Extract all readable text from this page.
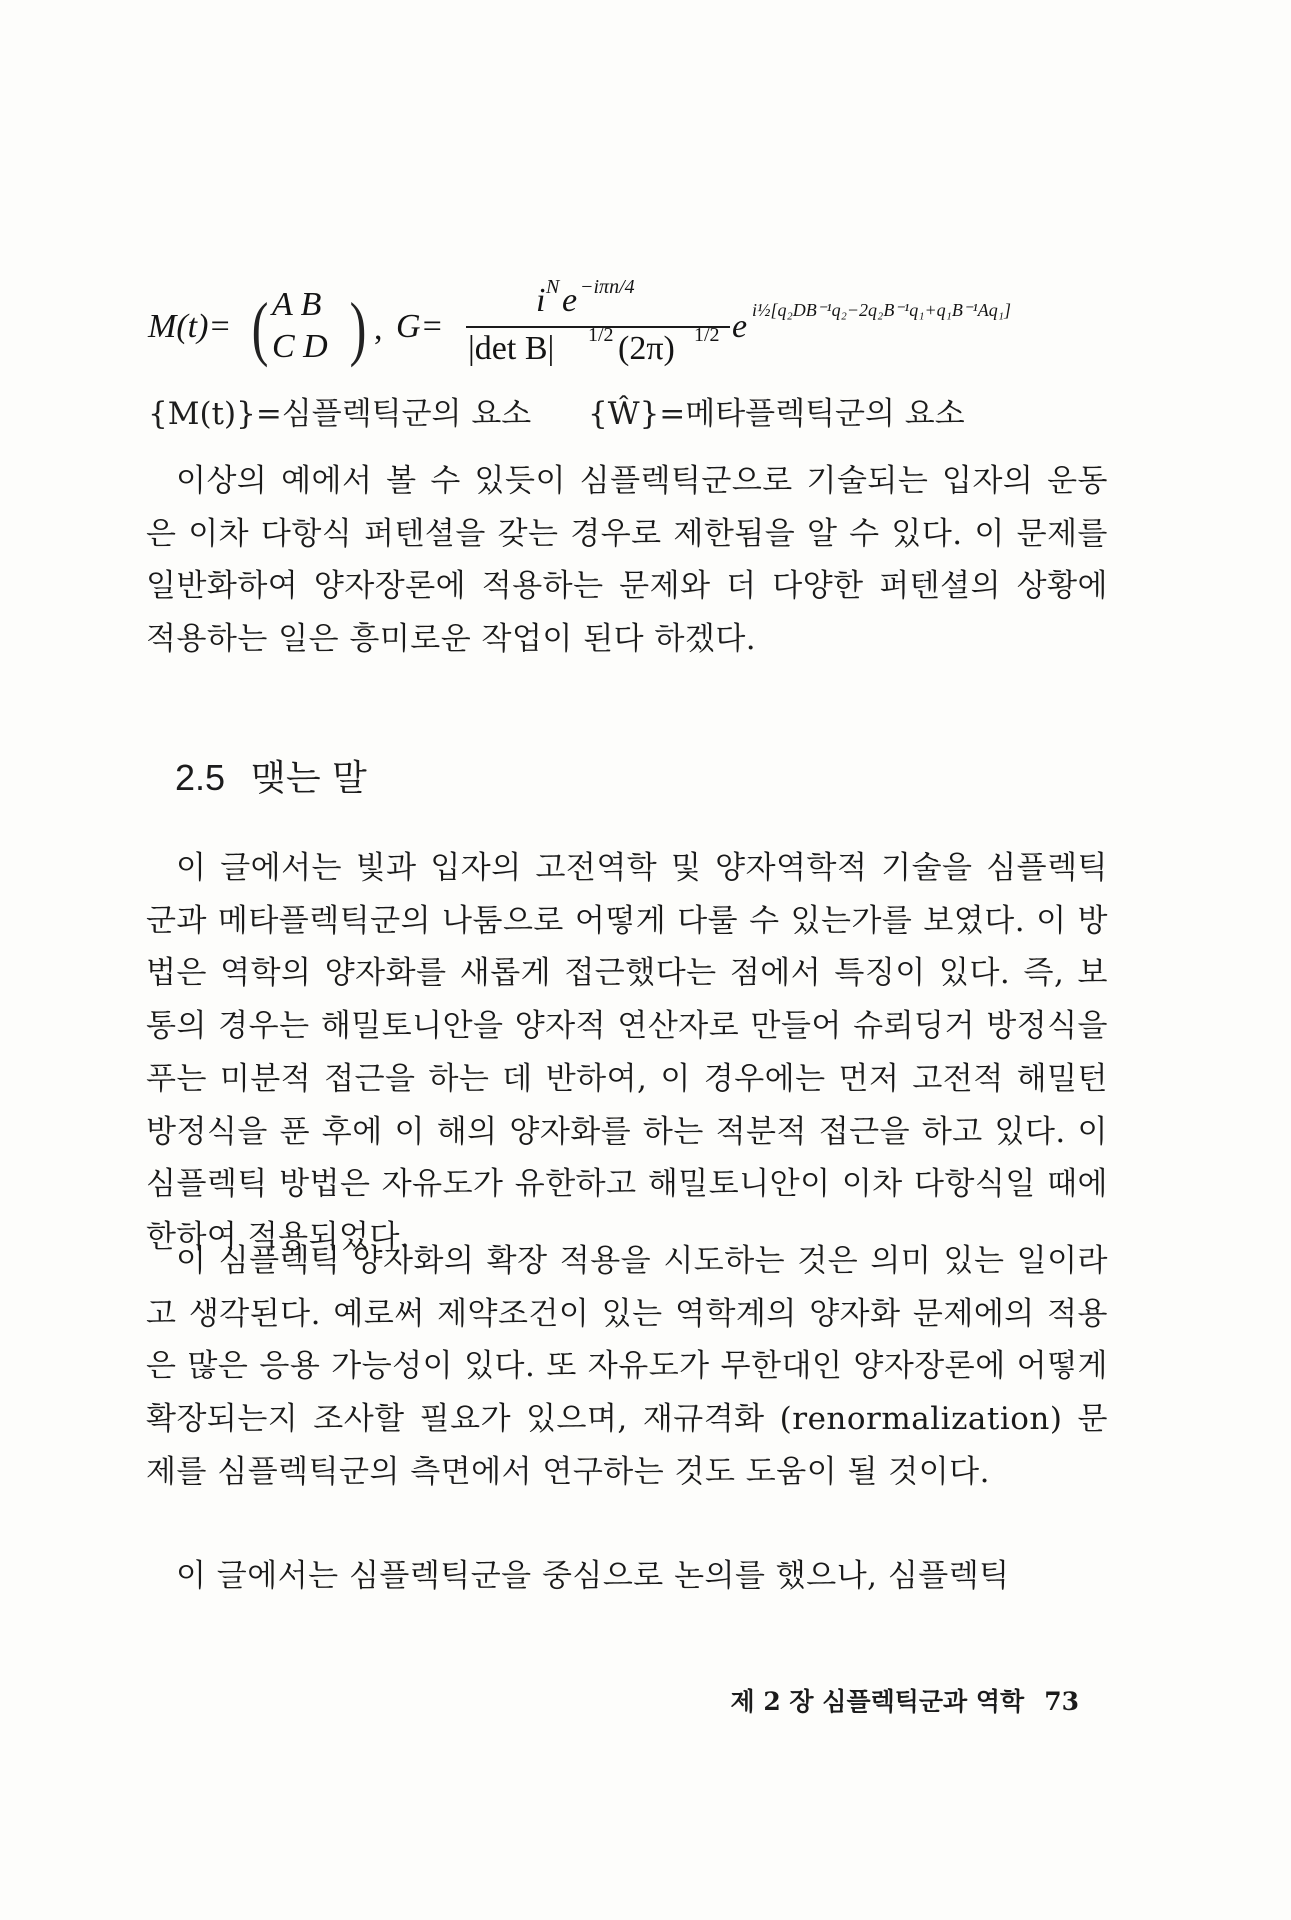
M(t)= ( A B
C D ) , G=
i N e −iπn/4
|det B| 1/2 (2π) 1/2 e i½[q₂DB⁻¹q₂−2q₂B⁻¹q₁+q₁B⁻¹Aq₁]
{M(t)}=심플렉틱군의 요소 {Ŵ}=메타플렉틱군의 요소

이상의 예에서 볼 수 있듯이 심플렉틱군으로 기술되는 입자의 운동은 이차 다항식 퍼텐셜을 갖는 경우로 제한됨을 알 수 있다. 이 문제를 일반화하여 양자장론에 적용하는 문제와 더 다양한 퍼텐셜의 상황에 적용하는 일은 흥미로운 작업이 된다 하겠다.

2.5 맺는 말

이 글에서는 빛과 입자의 고전역학 및 양자역학적 기술을 심플렉틱군과 메타플렉틱군의 나툼으로 어떻게 다룰 수 있는가를 보였다. 이 방법은 역학의 양자화를 새롭게 접근했다는 점에서 특징이 있다. 즉, 보통의 경우는 해밀토니안을 양자적 연산자로 만들어 슈뢰딩거 방정식을 푸는 미분적 접근을 하는 데 반하여, 이 경우에는 먼저 고전적 해밀턴 방정식을 푼 후에 이 해의 양자화를 하는 적분적 접근을 하고 있다. 이 심플렉틱 방법은 자유도가 유한하고 해밀토니안이 이차 다항식일 때에 한하여 적용되었다.

이 심플렉틱 양자화의 확장 적용을 시도하는 것은 의미 있는 일이라고 생각된다. 예로써 제약조건이 있는 역학계의 양자화 문제에의 적용은 많은 응용 가능성이 있다. 또 자유도가 무한대인 양자장론에 어떻게 확장되는지 조사할 필요가 있으며, 재규격화 (renormalization) 문제를 심플렉틱군의 측면에서 연구하는 것도 도움이 될 것이다.

이 글에서는 심플렉틱군을 중심으로 논의를 했으나, 심플렉틱

제 2 장 심플렉틱군과 역학 73
